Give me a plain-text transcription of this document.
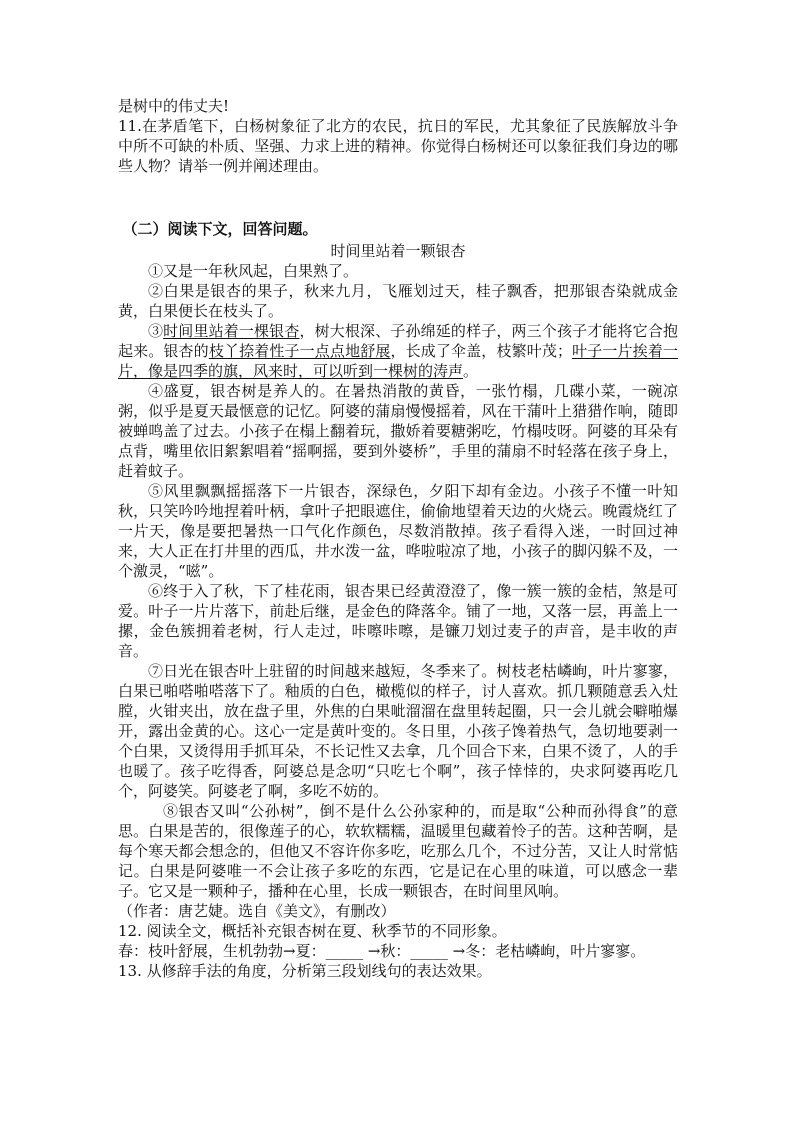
是树中的伟丈夫!

11.在茅盾笔下，白杨树象征了北方的农民，抗日的军民，尤其象征了民族解放斗争中所不可缺的朴质、坚强、力求上进的精神。你觉得白杨树还可以象征我们身边的哪些人物？请举一例并阐述理由。

（二）阅读下文，回答问题。

时间里站着一颗银杏

①又是一年秋风起，白果熟了。

②白果是银杏的果子，秋来九月，飞雁划过天，桂子飘香，把那银杏染就成金黄，白果便长在枝头了。

③时间里站着一棵银杏，树大根深、子孙绵延的样子，两三个孩子才能将它合抱起来。银杏的枝丫捺着性子一点点地舒展，长成了伞盖，枝繁叶茂；叶子一片挨着一片，像是四季的旗，风来时，可以听到一棵树的涛声。

④盛夏，银杏树是养人的。在暑热消散的黄昏，一张竹榻，几碟小菜，一碗凉粥，似乎是夏天最惬意的记忆。阿婆的蒲扇慢慢摇着，风在干蒲叶上猎猎作响，随即被蝉鸣盖了过去。小孩子在榻上翻着玩，撒娇着要糖粥吃，竹榻吱呀。阿婆的耳朵有点背，嘴里依旧絮絮唱着“摇啊摇，要到外婆桥”，手里的蒲扇不时轻落在孩子身上，赶着蚊子。

⑤风里飘飘摇摇落下一片银杏，深绿色，夕阳下却有金边。小孩子不懂一叶知秋，只笑吟吟地捏着叶柄，拿叶子把眼遮住，偷偷地望着天边的火烧云。晚霞烧红了一片天，像是要把暑热一口气化作颜色，尽数消散掉。孩子看得入迷，一时回过神来，大人正在打井里的西瓜，井水泼一盆，哗啦啦凉了地，小孩子的脚闪躲不及，一个激灵，“嗞”。

⑥终于入了秋，下了桂花雨，银杏果已经黄澄澄了，像一簇一簇的金桔，煞是可爱。叶子一片片落下，前赴后继，是金色的降落伞。铺了一地，又落一层，再盖上一摞，金色簇拥着老树，行人走过，咔嚓咔嚓，是镰刀划过麦子的声音，是丰收的声音。

⑦日光在银杏叶上驻留的时间越来越短，冬季来了。树枝老枯嶙峋，叶片寥寥，白果已啪嗒啪嗒落下了。釉质的白色，橄榄似的样子，讨人喜欢。抓几颗随意丢入灶膛，火钳夹出，放在盘子里，外焦的白果呲溜溜在盘里转起圈，只一会儿就会噼啪爆开，露出金黄的心。这心一定是黄叶变的。冬日里，小孩子馋着热气，急切地要剥一个白果，又烫得用手抓耳朵，不长记性又去拿，几个回合下来，白果不烫了，人的手也暖了。孩子吃得香，阿婆总是念叨“只吃七个啊”，孩子悻悻的，央求阿婆再吃几个，阿婆笑。阿婆老了啊，多吃不妨的。

⑧银杏又叫“公孙树”，倒不是什么公孙家种的，而是取“公种而孙得食”的意思。白果是苦的，很像莲子的心，软软糯糯，温暖里包藏着怜子的苦。这种苦啊，是每个寒天都会想念的，但他又不容许你多吃，吃那么几个，不过分苦，又让人时常惦记。白果是阿婆唯一不会让孩子多吃的东西，它是记在心里的味道，可以感念一辈子。它又是一颗种子，播种在心里，长成一颗银杏，在时间里风响。

（作者：唐艺婕。选自《美文》，有删改）

12. 阅读全文，概括补充银杏树在夏、秋季节的不同形象。

春：枝叶舒展，生机勃勃→夏：_____ →秋：_____ →冬：老枯嶙峋，叶片寥寥。

13. 从修辞手法的角度，分析第三段划线句的表达效果。
